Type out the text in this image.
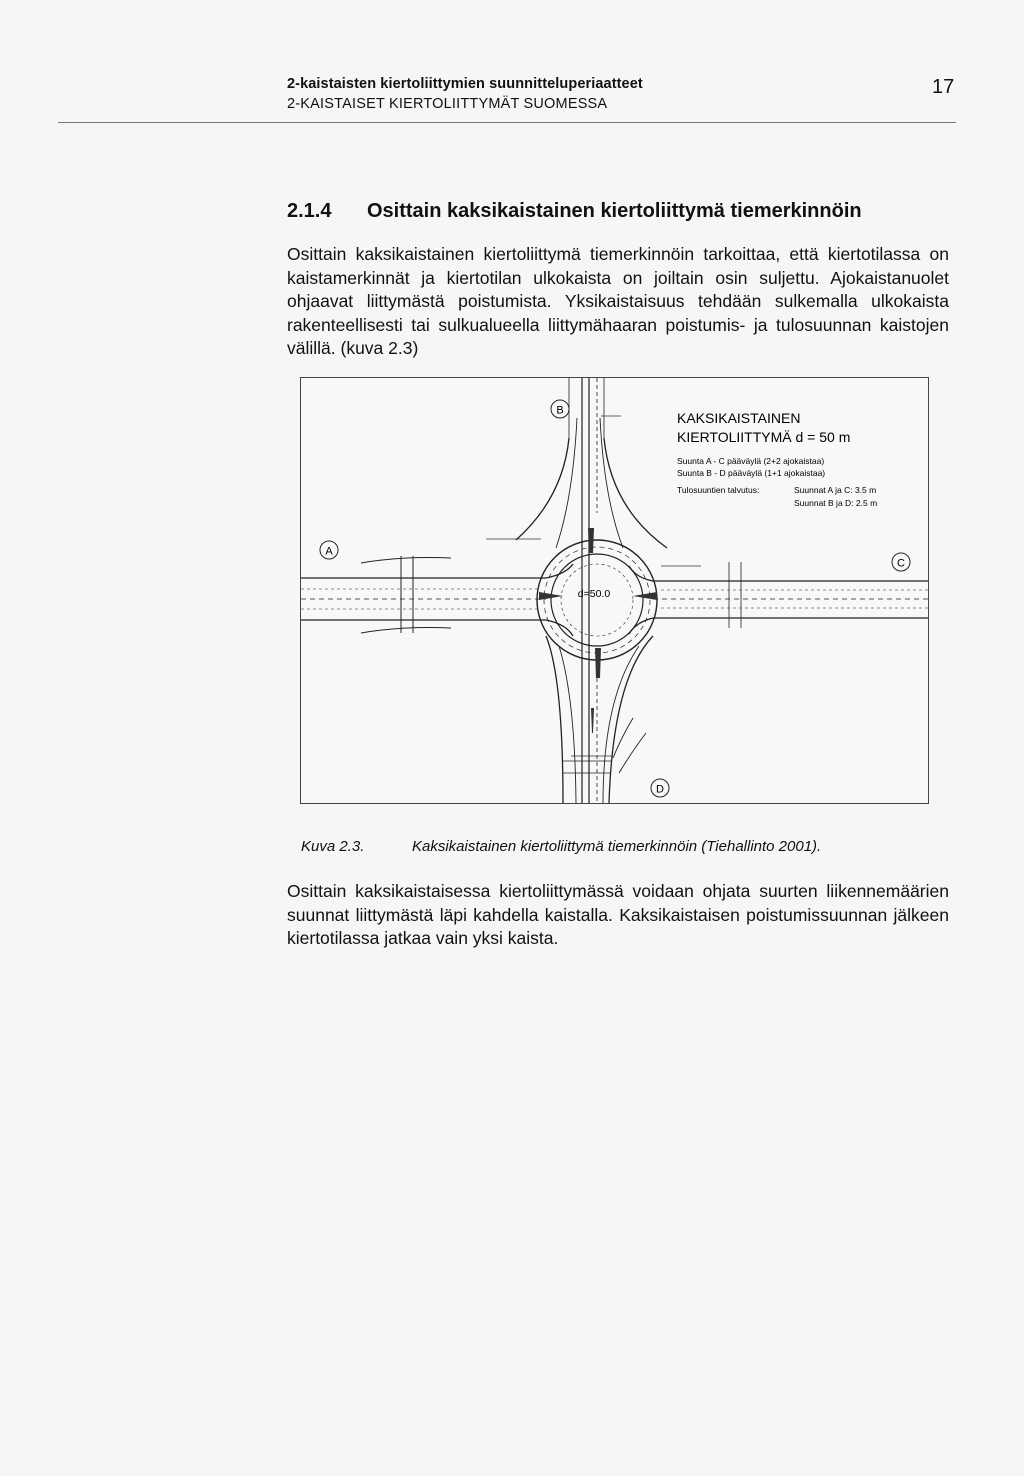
2-kaistaisten kiertoliittymien suunnitteluperiaatteet
2-KAISTAISET KIERTOLIITTYMÄT SUOMESSA
17
2.1.4 Osittain kaksikaistainen kiertoliittymä tiemerkinnöin
Osittain kaksikaistainen kiertoliittymä tiemerkinnöin tarkoittaa, että kiertotilassa on kaistamerkinnät ja kiertotilan ulkokaista on joiltain osin suljettu. Ajokaistanuolet ohjaavat liittymästä poistumista. Yksikaistaisuus tehdään sulkemalla ulkokaista rakenteellisesti tai sulkualueella liittymähaaran poistumis- ja tulosuunnan kaistojen välillä. (kuva 2.3)
B
A
C
D
d=50.0
KAKSIKAISTAINEN
KIERTOLIITTYMÄ d = 50 m
Suunta A - C pääväylä (2+2 ajokaistaa)
Suunta B - D pääväylä (1+1 ajokaistaa)
Tulosuuntien talvutus:	Suunnat A ja C: 3.5 m
Suunnat B ja D: 2.5 m
Kuva 2.3.	Kaksikaistainen kiertoliittymä tiemerkinnöin (Tiehallinto 2001).
Osittain kaksikaistaisessa kiertoliittymässä voidaan ohjata suurten liikennemäärien suunnat liittymästä läpi kahdella kaistalla. Kaksikaistaisen poistumissuunnan jälkeen kiertotilassa jatkaa vain yksi kaista.
